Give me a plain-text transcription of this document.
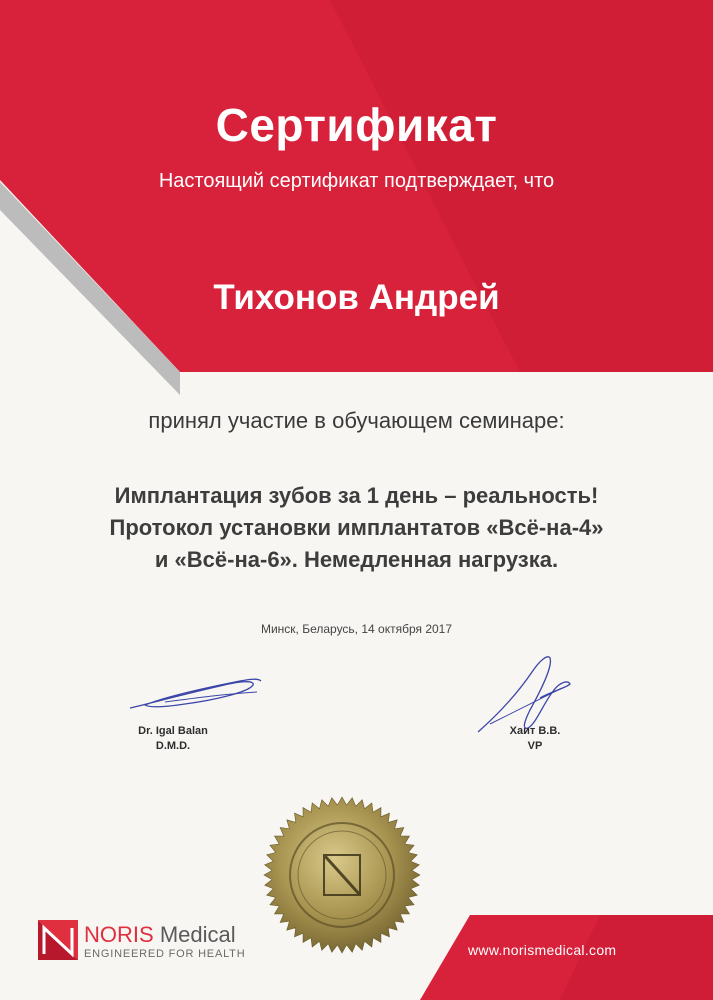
Сертификат

Настоящий сертификат подтверждает, что

Тихонов Андрей

принял участие в обучающем семинаре:

Имплантация зубов за 1 день – реальность!
Протокол установки имплантатов «Всё-на-4»
и «Всё-на-6». Немедленная нагрузка.

Минск, Беларусь, 14 октября 2017

Dr. Igal Balan
D.M.D.
Хаит В.В.
VP
NORIS Medical
ENGINEERED FOR HEALTH	www.norismedical.com
